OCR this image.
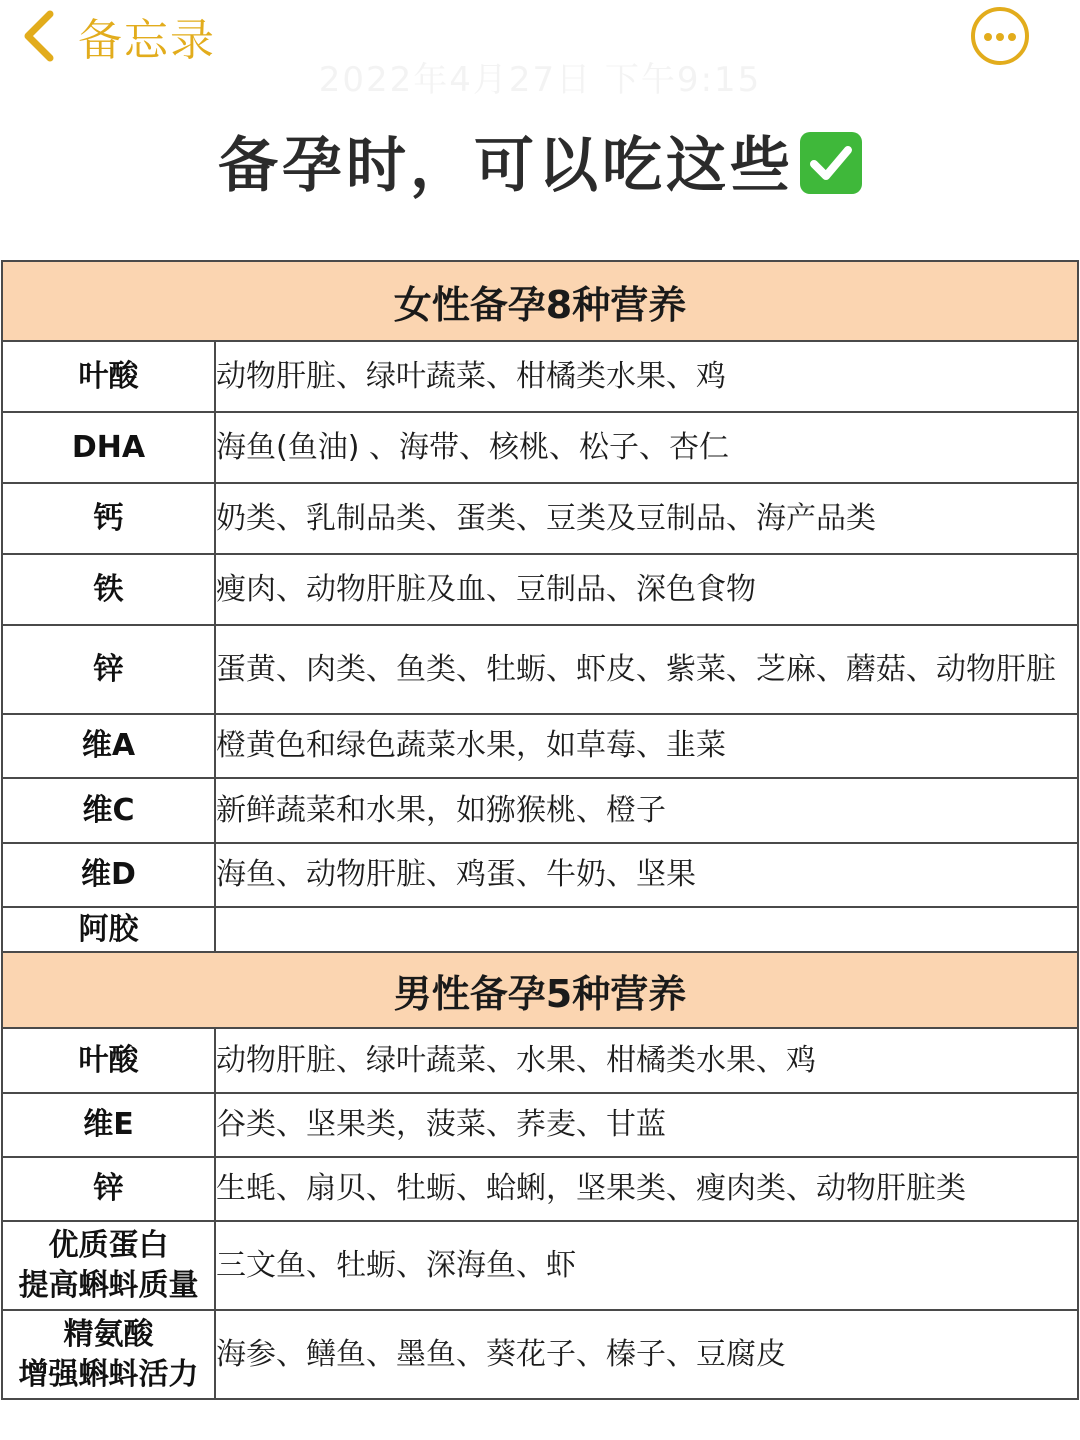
备忘录
2022年4月27日 下午9:15
备孕时，可以吃这些
女性备孕8种营养	
叶酸	动物肝脏、绿叶蔬菜、柑橘类水果、鸡
DHA	海鱼(鱼油) 、海带、核桃、松子、杏仁
钙	奶类、乳制品类、蛋类、豆类及豆制品、海产品类
铁	瘦肉、动物肝脏及血、豆制品、深色食物
锌	蛋黄、肉类、鱼类、牡蛎、虾皮、紫菜、芝麻、蘑菇、动物肝脏
维A	橙黄色和绿色蔬菜水果，如草莓、韭菜
维C	新鲜蔬菜和水果，如猕猴桃、橙子
维D	海鱼、动物肝脏、鸡蛋、牛奶、坚果
阿胶	
男性备孕5种营养	
叶酸	动物肝脏、绿叶蔬菜、水果、柑橘类水果、鸡
维E	谷类、坚果类，菠菜、荞麦、甘蓝
锌	生蚝、扇贝、牡蛎、蛤蜊，坚果类、瘦肉类、动物肝脏类

优质蛋白
提高蝌蚪质量	三文鱼、牡蛎、深海鱼、虾

精氨酸
增强蝌蚪活力	海参、鳝鱼、墨鱼、葵花子、榛子、豆腐皮
